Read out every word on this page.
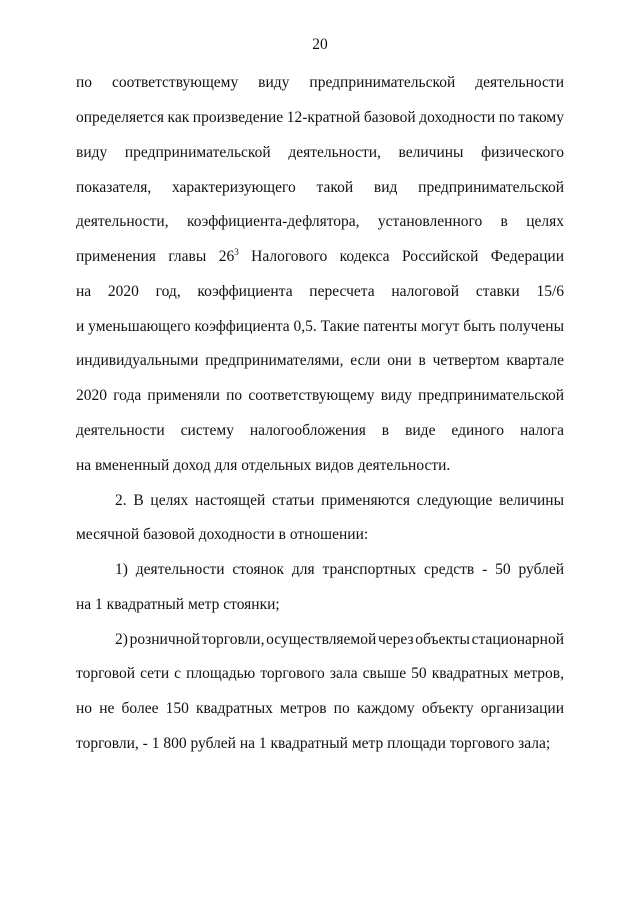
20
по соответствующему виду предпринимательской деятельности
определяется как произведение 12-кратной базовой доходности по такому
виду предпринимательской деятельности, величины физического
показателя, характеризующего такой вид предпринимательской
деятельности, коэффициента-дефлятора, установленного в целях
применения главы $26^3$ Налогового кодекса Российской Федерации
на 2020 год, коэффициента пересчета налоговой ставки 15/6
и уменьшающего коэффициента 0,5. Такие патенты могут быть получены
индивидуальными предпринимателями, если они в четвертом квартале
2020 года применяли по соответствующему виду предпринимательской
деятельности систему налогообложения в виде единого налога
на вмененный доход для отдельных видов деятельности.
2. В целях настоящей статьи применяются следующие величины
месячной базовой доходности в отношении:
1) деятельности стоянок для транспортных средств - 50 рублей
на 1 квадратный метр стоянки;
2) розничной торговли, осуществляемой через объекты стационарной
торговой сети с площадью торгового зала свыше 50 квадратных метров,
но не более 150 квадратных метров по каждому объекту организации
торговли, - 1 800 рублей на 1 квадратный метр площади торгового зала;
